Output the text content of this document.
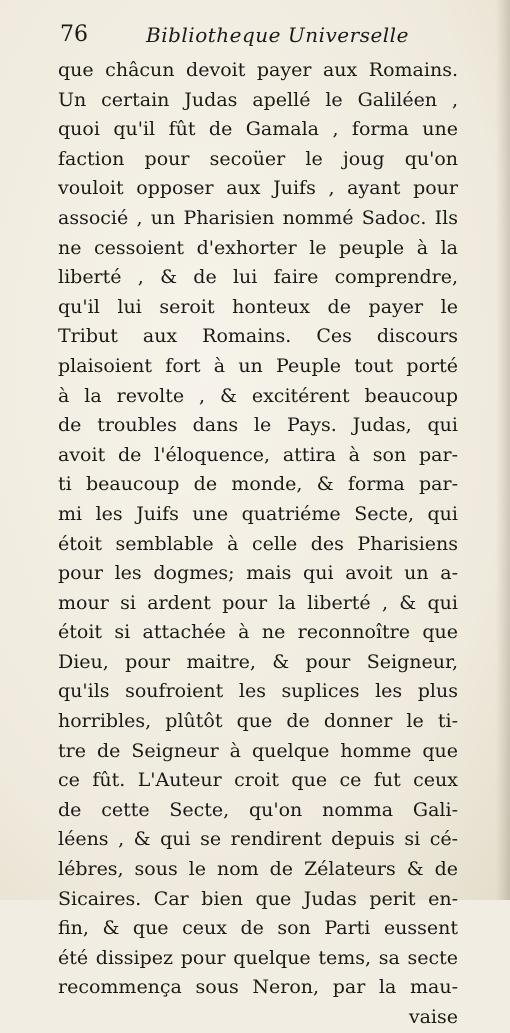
76	Bibliotheque Universelle
que châcun devoit payer aux Romains.
Un certain Judas apellé le Galiléen ,
quoi qu'il fût de Gamala , forma une
faction pour secoüer le joug qu'on
vouloit opposer aux Juifs , ayant pour
associé , un Pharisien nommé Sadoc. Ils
ne cessoient d'exhorter le peuple à la
liberté , & de lui faire comprendre,
qu'il lui seroit honteux de payer le
Tribut aux Romains. Ces discours
plaisoient fort à un Peuple tout porté
à la revolte , & excitérent beaucoup
de troubles dans le Pays. Judas, qui
avoit de l'éloquence, attira à son par-
ti beaucoup de monde, & forma par-
mi les Juifs une quatriéme Secte, qui
étoit semblable à celle des Pharisiens
pour les dogmes; mais qui avoit un a-
mour si ardent pour la liberté , & qui
étoit si attachée à ne reconnoître que
Dieu, pour maitre, & pour Seigneur,
qu'ils soufroient les suplices les plus
horribles, plûtôt que de donner le ti-
tre de Seigneur à quelque homme que
ce fût. L'Auteur croit que ce fut ceux
de cette Secte, qu'on nomma Gali-
léens , & qui se rendirent depuis si cé-
lébres, sous le nom de Zélateurs & de
Sicaires. Car bien que Judas perit en-
fin, & que ceux de son Parti eussent
été dissipez pour quelque tems, sa secte
recommença sous Neron, par la mau-
vaise
